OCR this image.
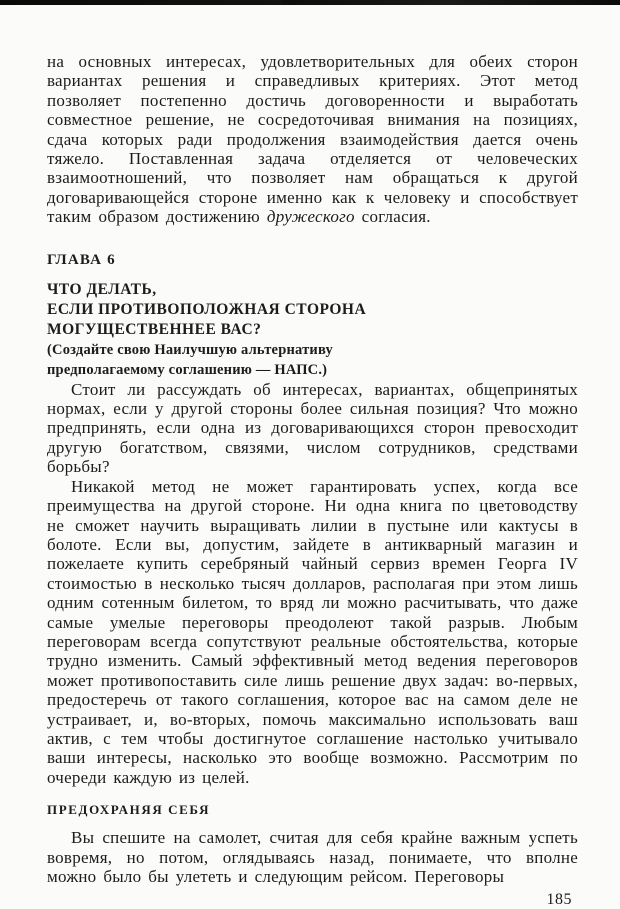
на основных интересах, удовлетворительных для обеих сторон вариантах решения и справедливых критериях. Этот метод позволяет постепенно достичь договоренности и выработать совместное решение, не сосредоточивая внимания на позициях, сдача которых ради продолжения взаимодействия дается очень тяжело. Поставленная задача отделяется от человеческих взаимоотношений, что позволяет нам обращаться к другой договаривающейся стороне именно как к человеку и способствует таким образом достижению дружеского согласия.

ГЛАВА 6
ЧТО ДЕЛАТЬ,
ЕСЛИ ПРОТИВОПОЛОЖНАЯ СТОРОНА
МОГУЩЕСТВЕННЕЕ ВАС?
(Создайте свою Наилучшую альтернативу
предполагаемому соглашению — НАПС.)

Стоит ли рассуждать об интересах, вариантах, общепринятых нормах, если у другой стороны более сильная позиция? Что можно предпринять, если одна из договаривающихся сторон превосходит другую богатством, связями, числом сотрудников, средствами борьбы?

Никакой метод не может гарантировать успех, когда все преимущества на другой стороне. Ни одна книга по цветоводству не сможет научить выращивать лилии в пустыне или кактусы в болоте. Если вы, допустим, зайдете в антикварный магазин и пожелаете купить серебряный чайный сервиз времен Георга IV стоимостью в несколько тысяч долларов, располагая при этом лишь одним сотенным билетом, то вряд ли можно расчитывать, что даже самые умелые переговоры преодолеют такой разрыв. Любым переговорам всегда сопутствуют реальные обстоятельства, которые трудно изменить. Самый эффективный метод ведения переговоров может противопоставить силе лишь решение двух задач: во-первых, предостеречь от такого соглашения, которое вас на самом деле не устраивает, и, во-вторых, помочь максимально использовать ваш актив, с тем чтобы достигнутое соглашение настолько учитывало ваши интересы, насколько это вообще возможно. Рассмотрим по очереди каждую из целей.

ПРЕДОХРАНЯЯ СЕБЯ

Вы спешите на самолет, считая для себя крайне важным успеть вовремя, но потом, оглядываясь назад, понимаете, что вполне можно было бы улететь и следующим рейсом. Переговоры

185
